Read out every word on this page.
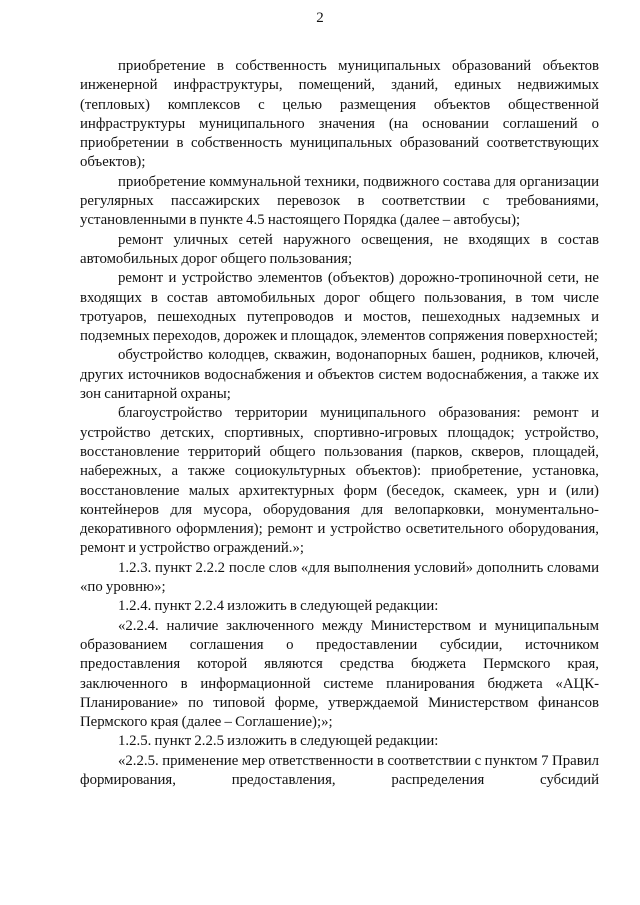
2

приобретение в собственность муниципальных образований объектов инженерной инфраструктуры, помещений, зданий, единых недвижимых (тепловых) комплексов с целью размещения объектов общественной инфраструктуры муниципального значения (на основании соглашений о приобретении в собственность муниципальных образований соответствующих объектов);

приобретение коммунальной техники, подвижного состава для организации регулярных пассажирских перевозок в соответствии с требованиями, установленными в пункте 4.5 настоящего Порядка (далее – автобусы);

ремонт уличных сетей наружного освещения, не входящих в состав автомобильных дорог общего пользования;

ремонт и устройство элементов (объектов) дорожно-тропиночной сети, не входящих в состав автомобильных дорог общего пользования, в том числе тротуаров, пешеходных путепроводов и мостов, пешеходных надземных и подземных переходов, дорожек и площадок, элементов сопряжения поверхностей;

обустройство колодцев, скважин, водонапорных башен, родников, ключей, других источников водоснабжения и объектов систем водоснабжения, а также их зон санитарной охраны;

благоустройство территории муниципального образования: ремонт и устройство детских, спортивных, спортивно-игровых площадок; устройство, восстановление территорий общего пользования (парков, скверов, площадей, набережных, а также социокультурных объектов): приобретение, установка, восстановление малых архитектурных форм (беседок, скамеек, урн и (или) контейнеров для мусора, оборудования для велопарковки, монументально-декоративного оформления); ремонт и устройство осветительного оборудования, ремонт и устройство ограждений.»;

1.2.3. пункт 2.2.2 после слов «для выполнения условий» дополнить словами «по уровню»;

1.2.4. пункт 2.2.4 изложить в следующей редакции:

«2.2.4. наличие заключенного между Министерством и муниципальным образованием соглашения о предоставлении субсидии, источником предоставления которой являются средства бюджета Пермского края, заключенного в информационной системе планирования бюджета «АЦК-Планирование» по типовой форме, утверждаемой Министерством финансов Пермского края (далее – Соглашение);»;

1.2.5. пункт 2.2.5 изложить в следующей редакции:

«2.2.5. применение мер ответственности в соответствии с пунктом 7 Правил формирования, предоставления, распределения субсидий
